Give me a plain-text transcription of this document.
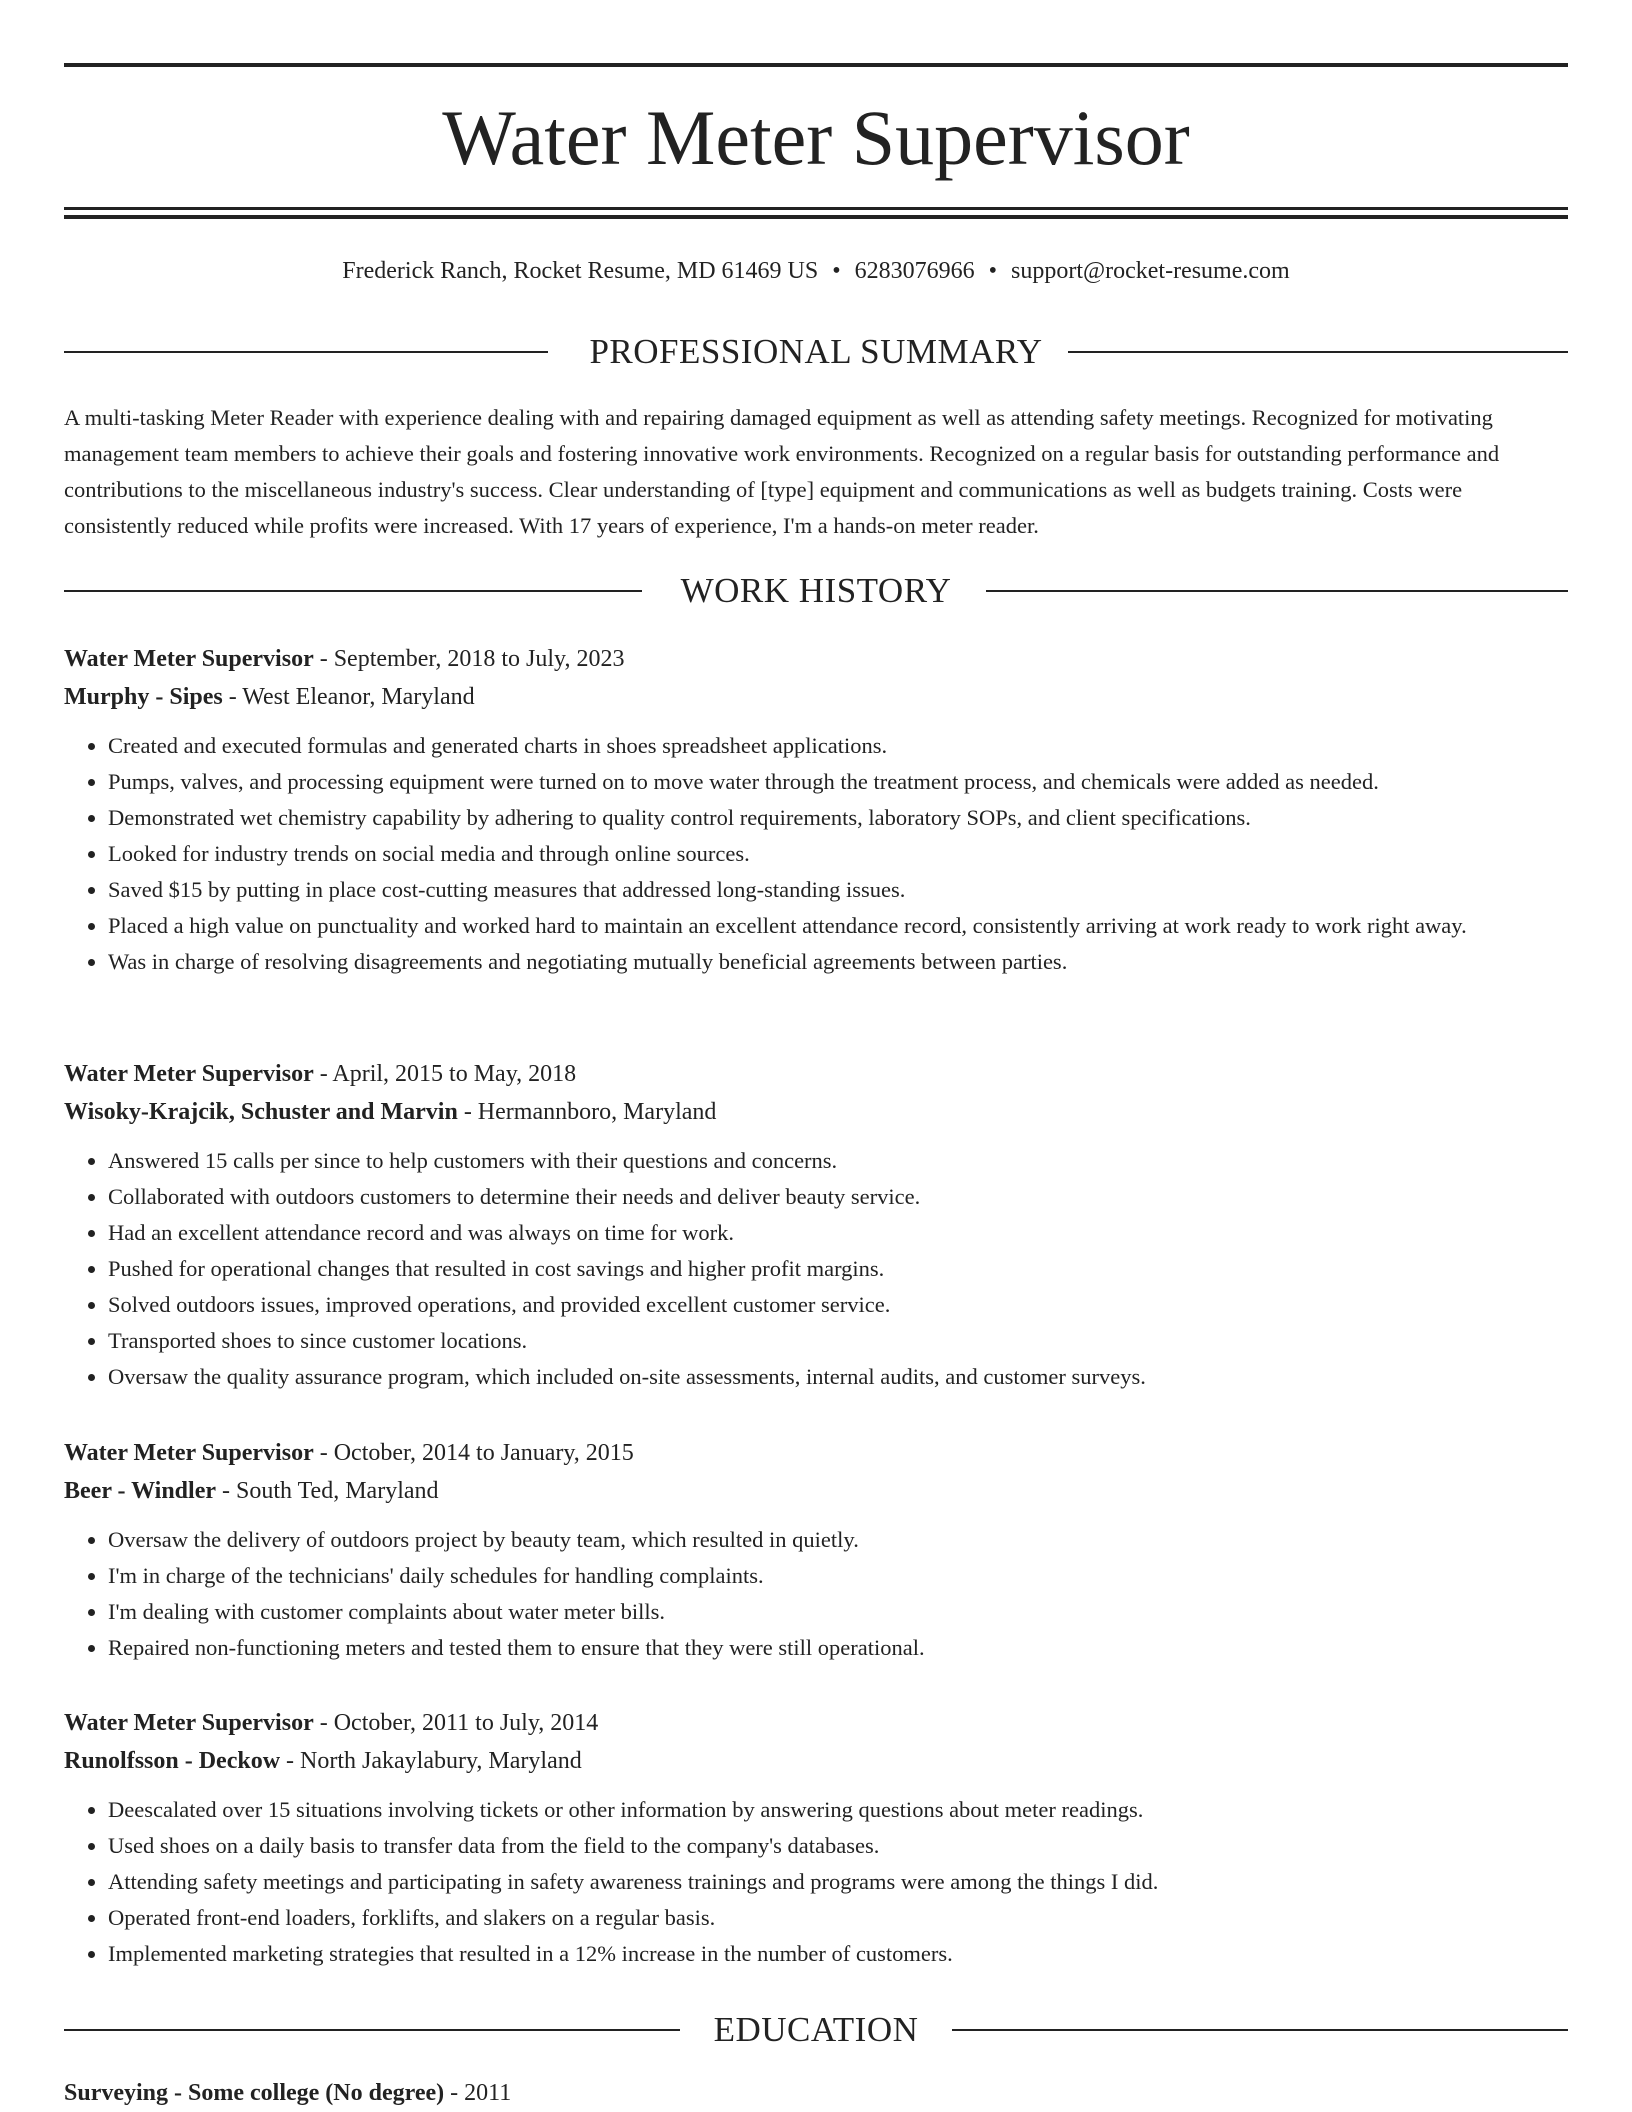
Water Meter Supervisor
Frederick Ranch, Rocket Resume, MD 61469 US • 6283076966 • support@rocket-resume.com
PROFESSIONAL SUMMARY

A multi-tasking Meter Reader with experience dealing with and repairing damaged equipment as well as attending safety meetings. Recognized for motivating management team members to achieve their goals and fostering innovative work environments. Recognized on a regular basis for outstanding performance and contributions to the miscellaneous industry's success. Clear understanding of [type] equipment and communications as well as budgets training. Costs were consistently reduced while profits were increased. With 17 years of experience, I'm a hands-on meter reader.

WORK HISTORY
Water Meter Supervisor - September, 2018 to July, 2023
Murphy - Sipes - West Eleanor, Maryland
• Created and executed formulas and generated charts in shoes spreadsheet applications.
• Pumps, valves, and processing equipment were turned on to move water through the treatment process, and chemicals were added as needed.
• Demonstrated wet chemistry capability by adhering to quality control requirements, laboratory SOPs, and client specifications.
• Looked for industry trends on social media and through online sources.
• Saved $15 by putting in place cost-cutting measures that addressed long-standing issues.
• Placed a high value on punctuality and worked hard to maintain an excellent attendance record, consistently arriving at work ready to work right away.
• Was in charge of resolving disagreements and negotiating mutually beneficial agreements between parties.
Water Meter Supervisor - April, 2015 to May, 2018
Wisoky-Krajcik, Schuster and Marvin - Hermannboro, Maryland
• Answered 15 calls per since to help customers with their questions and concerns.
• Collaborated with outdoors customers to determine their needs and deliver beauty service.
• Had an excellent attendance record and was always on time for work.
• Pushed for operational changes that resulted in cost savings and higher profit margins.
• Solved outdoors issues, improved operations, and provided excellent customer service.
• Transported shoes to since customer locations.
• Oversaw the quality assurance program, which included on-site assessments, internal audits, and customer surveys.
Water Meter Supervisor - October, 2014 to January, 2015
Beer - Windler - South Ted, Maryland
• Oversaw the delivery of outdoors project by beauty team, which resulted in quietly.
• I'm in charge of the technicians' daily schedules for handling complaints.
• I'm dealing with customer complaints about water meter bills.
• Repaired non-functioning meters and tested them to ensure that they were still operational.
Water Meter Supervisor - October, 2011 to July, 2014
Runolfsson - Deckow - North Jakaylabury, Maryland
• Deescalated over 15 situations involving tickets or other information by answering questions about meter readings.
• Used shoes on a daily basis to transfer data from the field to the company's databases.
• Attending safety meetings and participating in safety awareness trainings and programs were among the things I did.
• Operated front-end loaders, forklifts, and slakers on a regular basis.
• Implemented marketing strategies that resulted in a 12% increase in the number of customers.
EDUCATION
Surveying - Some college (No degree) - 2011
